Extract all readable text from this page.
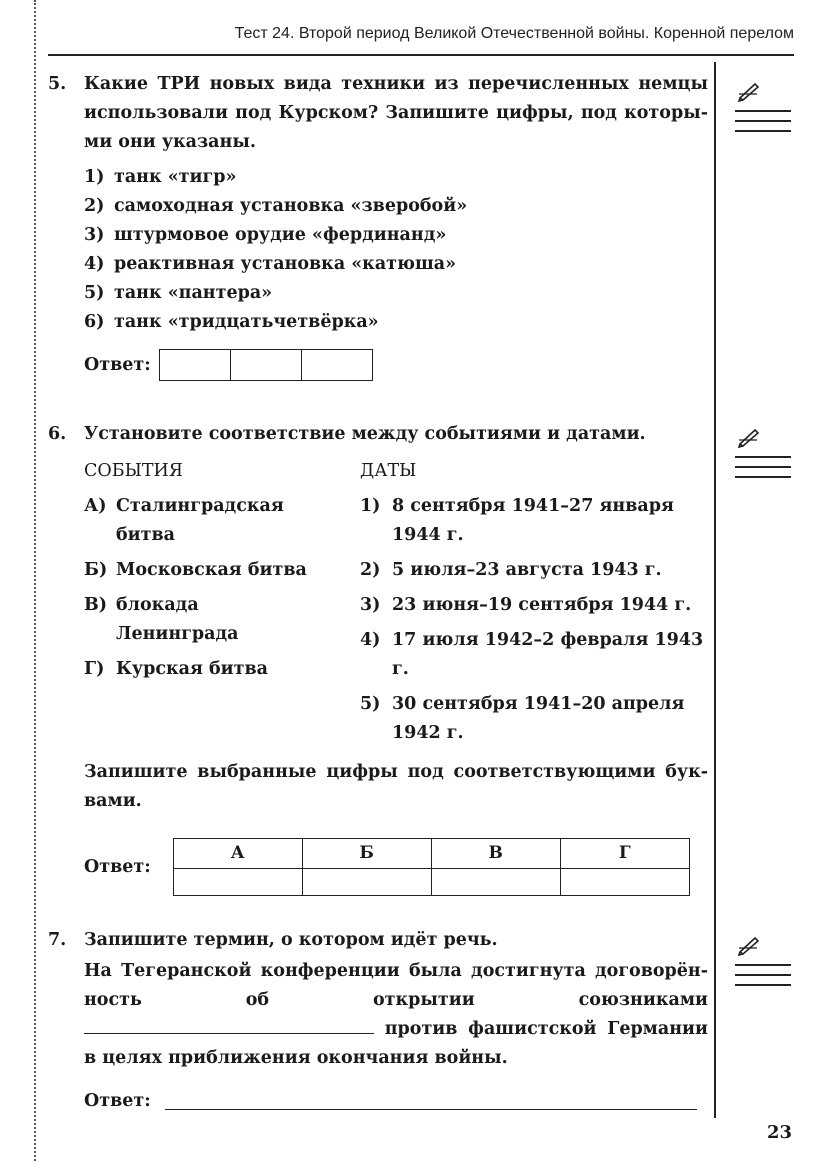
Тест 24. Второй период Великой Отечественной войны. Коренной перелом
5. Какие ТРИ новых вида техники из перечисленных немцы использовали под Курском? Запишите цифры, под которыми они указаны.
1) танк «тигр»
2) самоходная установка «зверобой»
3) штурмовое орудие «фердинанд»
4) реактивная установка «катюша»
5) танк «пантера»
6) танк «тридцатьчетвёрка»
Ответ:
6. Установите соответствие между событиями и датами.
СОБЫТИЯ
А) Сталинградская битва
Б) Московская битва
В) блокада Ленинграда
Г) Курская битва
ДАТЫ
1) 8 сентября 1941–27 января 1944 г.
2) 5 июля–23 августа 1943 г.
3) 23 июня–19 сентября 1944 г.
4) 17 июля 1942–2 февраля 1943 г.
5) 30 сентября 1941–20 апреля 1942 г.
Запишите выбранные цифры под соответствующими буквами.
Ответ:
А	Б	В	Г

7. Запишите термин, о котором идёт речь.
На Тегеранской конференции была достигнута договорённость об открытии союзниками  против фашистской Германии в целях приближения окончания войны.
Ответ:
23
